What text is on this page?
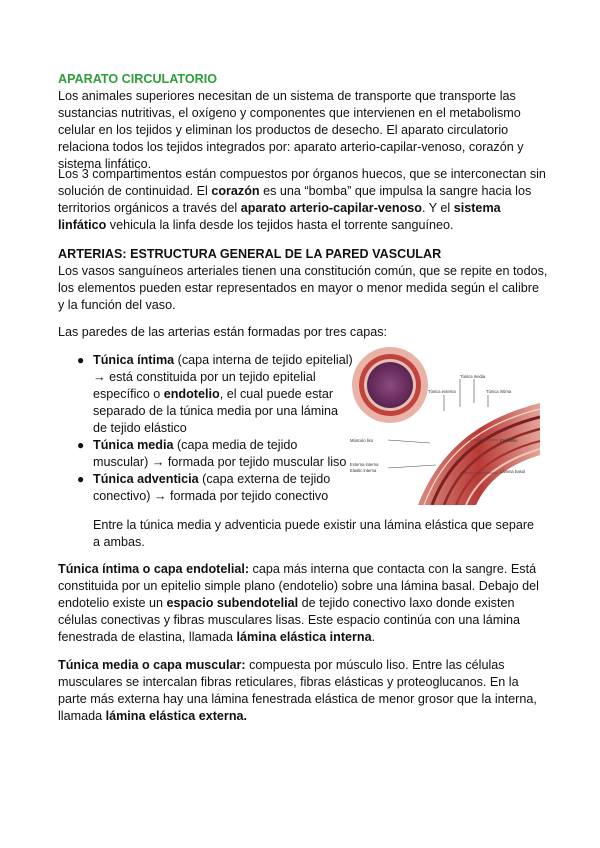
APARATO CIRCULATORIO

Los animales superiores necesitan de un sistema de transporte que transporte las sustancias nutritivas, el oxígeno y componentes que intervienen en el metabolismo celular en los tejidos y eliminan los productos de desecho. El aparato circulatorio relaciona todos los tejidos integrados por: aparato arterio-capilar-venoso, corazón y sistema linfático.

Los 3 compartimentos están compuestos por órganos huecos, que se interconectan sin solución de continuidad. El corazón es una “bomba” que impulsa la sangre hacia los territorios orgánicos a través del aparato arterio-capilar-venoso. Y el sistema linfático vehicula la linfa desde los tejidos hasta el torrente sanguíneo.

ARTERIAS: ESTRUCTURA GENERAL DE LA PARED VASCULAR

Los vasos sanguíneos arteriales tienen una constitución común, que se repite en todos, los elementos pueden estar representados en mayor o menor medida según el calibre y la función del vaso.

Las paredes de las arterias están formadas por tres capas:

● Túnica íntima (capa interna de tejido epitelial) → está constituida por un tejido epitelial específico o endotelio, el cual puede estar separado de la túnica media por una lámina de tejido elástico

● Túnica media (capa media de tejido muscular) → formada por tejido muscular liso

● Túnica adventicia (capa externa de tejido conectivo) → formada por tejido conectivo

Túnica media
Túnica íntima
Túnica externa
Músculo liso	Endotelio
Externa interna
Elastic interna	Lámina basal

Entre la túnica media y adventicia puede existir una lámina elástica que separe a ambas.

Túnica íntima o capa endotelial: capa más interna que contacta con la sangre. Está constituida por un epitelio simple plano (endotelio) sobre una lámina basal. Debajo del endotelio existe un espacio subendotelial de tejido conectivo laxo donde existen células conectivas y fibras musculares lisas. Este espacio continúa con una lámina fenestrada de elastina, llamada lámina elástica interna.

Túnica media o capa muscular: compuesta por músculo liso. Entre las células musculares se intercalan fibras reticulares, fibras elásticas y proteoglucanos. En la parte más externa hay una lámina fenestrada elástica de menor grosor que la interna, llamada lámina elástica externa.
